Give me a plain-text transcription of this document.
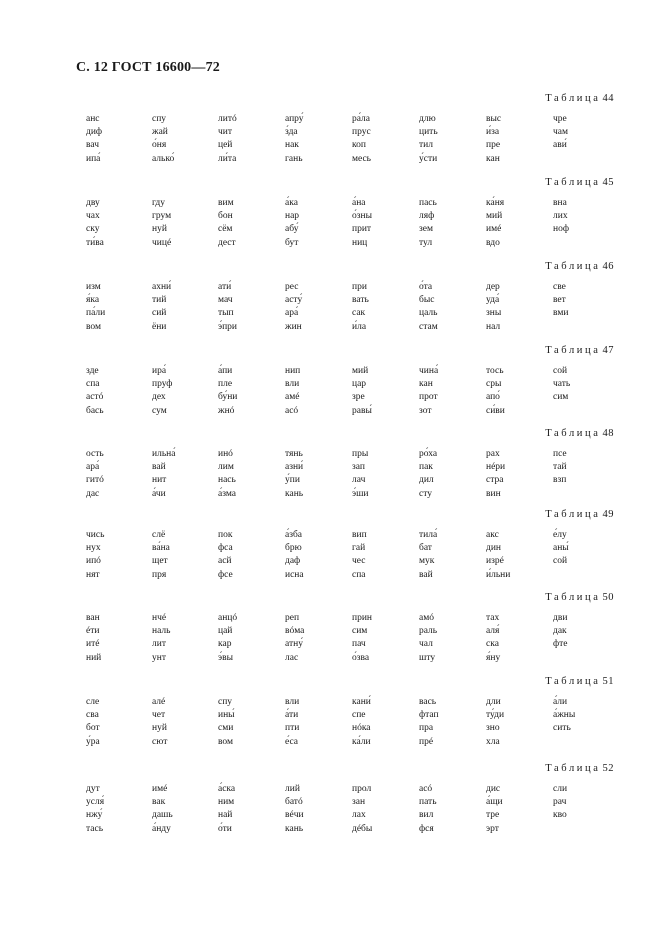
С. 12 ГОСТ 16600—72
Таблица 44
анс
диф
вач
ипа́
спу
жай
о́ня
алько́
литó
чит
цей
ли́та
апру́
з́да
нак
гань
ра́ла
прус
коп
месь
длю
цить
тил
у́сти
выс
и́за
пре
кан
чре
чам
ави́
Таблица 45
дву
чах
ску
ти́ва
гду
грум
нуй
чицé
вим
бон
сём
дест
а́ка
нар
абу́
бут
а́на
о́зны
прит
ниц
пась
ляф
зем
тул
ка́ня
мий
имé
вдо
вна
лих
ноф
Таблица 46
изм
я́ка
па́ли
вом
ахни́
тий
сий
ёни
ати́
мач
тып
э́при
рес
асту́
ара́
жин
при
вать
сак
и́ла
о́та
быс
цаль
стам
дер
уда́
зны
нал
све
вет
вми
Таблица 47
зде
спа
астó
бась
ира́
пруф
дех
сум
а́пи
пле
бу́ни
жнó
нип
вли
амé
асó
мий
цар
зре
равы́
чина́
кан
прот
зот
тось
сры
апо́
си́ви
сой
чать
сим
Таблица 48
ость
ара́
гитó
дас
ильна́
вай
нит
а́чи
инó
лим
нась
а́зма
тянь
азни́
у́пи
кань
пры
зап
лач
э́ши
ро́ха
пак
дил
сту
рах
нéри
стра
вин
псе
тай
взп
Таблица 49
чись
нух
ипó
нят
слё
ва́на
щет
пря
пок
фса
асй
фсе
а́зба
брю
даф
исна
вип
гай
чес
спа
тила́
бат
мук
вай
акс
дин
изрé
и́льни
е́лу
аны́
сой
Таблица 50
ван
éти
итé
ний
нчé
наль
лит
унт
анцó
цай
кар
э́вы
реп
вóма
атну́
лас
прин
сим
пач
о́зва
амó
раль
чал
шту
тах
аля́
ска
я́ну
дви
дак
фте
Таблица 51
сле
сва
бот
у́ра
алé
чет
нуй
сют
спу
ины́
сми
вом
вли
а́ти
пти
е́са
кани́
спе
нóка
ка́ли
вась
фтап
пра
прé
дли
ту́ди
зно
хла
а́ли
а́жны
сить
Таблица 52
дут
усля́
нжу́
тась
имé
вак
дашь
а́нду
а́ска
ним
най
о́ти
лий
батó
вéчи
кань
прол
зан
лах
дéбы
асó
пать
вил
фся
дис
а́щи
тре
эрт
сли
рач
кво
